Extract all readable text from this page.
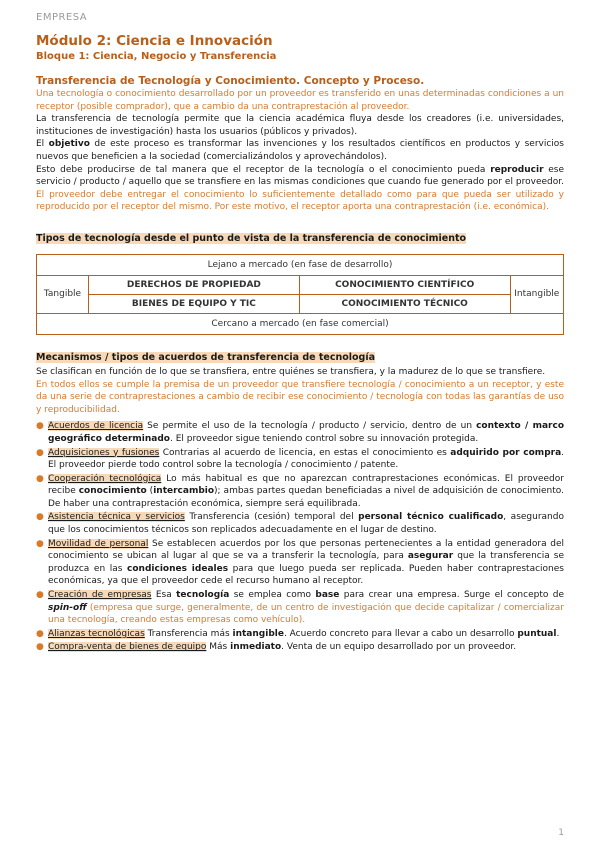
EMPRESA
Módulo 2: Ciencia e Innovación
Bloque 1: Ciencia, Negocio y Transferencia
Transferencia de Tecnología y Conocimiento. Concepto y Proceso.

Una tecnología o conocimiento desarrollado por un proveedor es transferido en unas determinadas condiciones a un receptor (posible comprador), que a cambio da una contraprestación al proveedor.

La transferencia de tecnología permite que la ciencia académica fluya desde los creadores (i.e. universidades, instituciones de investigación) hasta los usuarios (públicos y privados).

El objetivo de este proceso es transformar las invenciones y los resultados científicos en productos y servicios nuevos que beneficien a la sociedad (comercializándolos y aprovechándolos).

Esto debe producirse de tal manera que el receptor de la tecnología o el conocimiento pueda reproducir ese servicio / producto / aquello que se transfiere en las mismas condiciones que cuando fue generado por el proveedor. El proveedor debe entregar el conocimiento lo suficientemente detallado como para que pueda ser utilizado y reproducido por el receptor del mismo. Por este motivo, el receptor aporta una contraprestación (i.e. económica).

Tipos de tecnología desde el punto de vista de la transferencia de conocimiento
Lejano a mercado (en fase de desarrollo)			
Tangible	DERECHOS DE PROPIEDAD	CONOCIMIENTO CIENTÍFICO	Intangible
	BIENES DE EQUIPO Y TIC	CONOCIMIENTO TÉCNICO	
Cercano a mercado (en fase comercial)			
Mecanismos / tipos de acuerdos de transferencia de tecnología

Se clasifican en función de lo que se transfiera, entre quiénes se transfiera, y la madurez de lo que se transfiere.

En todos ellos se cumple la premisa de un proveedor que transfiere tecnología / conocimiento a un receptor, y este da una serie de contraprestaciones a cambio de recibir ese conocimiento / tecnología con todas las garantías de uso y reproducibilidad.

● Acuerdos de licencia Se permite el uso de la tecnología / producto / servicio, dentro de un contexto / marco geográfico determinado. El proveedor sigue teniendo control sobre su innovación protegida.
● Adquisiciones y fusiones Contrarias al acuerdo de licencia, en estas el conocimiento es adquirido por compra. El proveedor pierde todo control sobre la tecnología / conocimiento / patente.
● Cooperación tecnológica Lo más habitual es que no aparezcan contraprestaciones económicas. El proveedor recibe conocimiento (intercambio); ambas partes quedan beneficiadas a nivel de adquisición de conocimiento. De haber una contraprestación económica, siempre será equilibrada.
● Asistencia técnica y servicios Transferencia (cesión) temporal del personal técnico cualificado, asegurando que los conocimientos técnicos son replicados adecuadamente en el lugar de destino.
● Movilidad de personal Se establecen acuerdos por los que personas pertenecientes a la entidad generadora del conocimiento se ubican al lugar al que se va a transferir la tecnología, para asegurar que la transferencia se produzca en las condiciones ideales para que luego pueda ser replicada. Pueden haber contraprestaciones económicas, ya que el proveedor cede el recurso humano al receptor.
● Creación de empresas Esa tecnología se emplea como base para crear una empresa. Surge el concepto de spin-off (empresa que surge, generalmente, de un centro de investigación que decide capitalizar / comercializar una tecnología, creando estas empresas como vehículo).
● Alianzas tecnológicas Transferencia más intangible. Acuerdo concreto para llevar a cabo un desarrollo puntual.
● Compra-venta de bienes de equipo Más inmediato. Venta de un equipo desarrollado por un proveedor.
1
